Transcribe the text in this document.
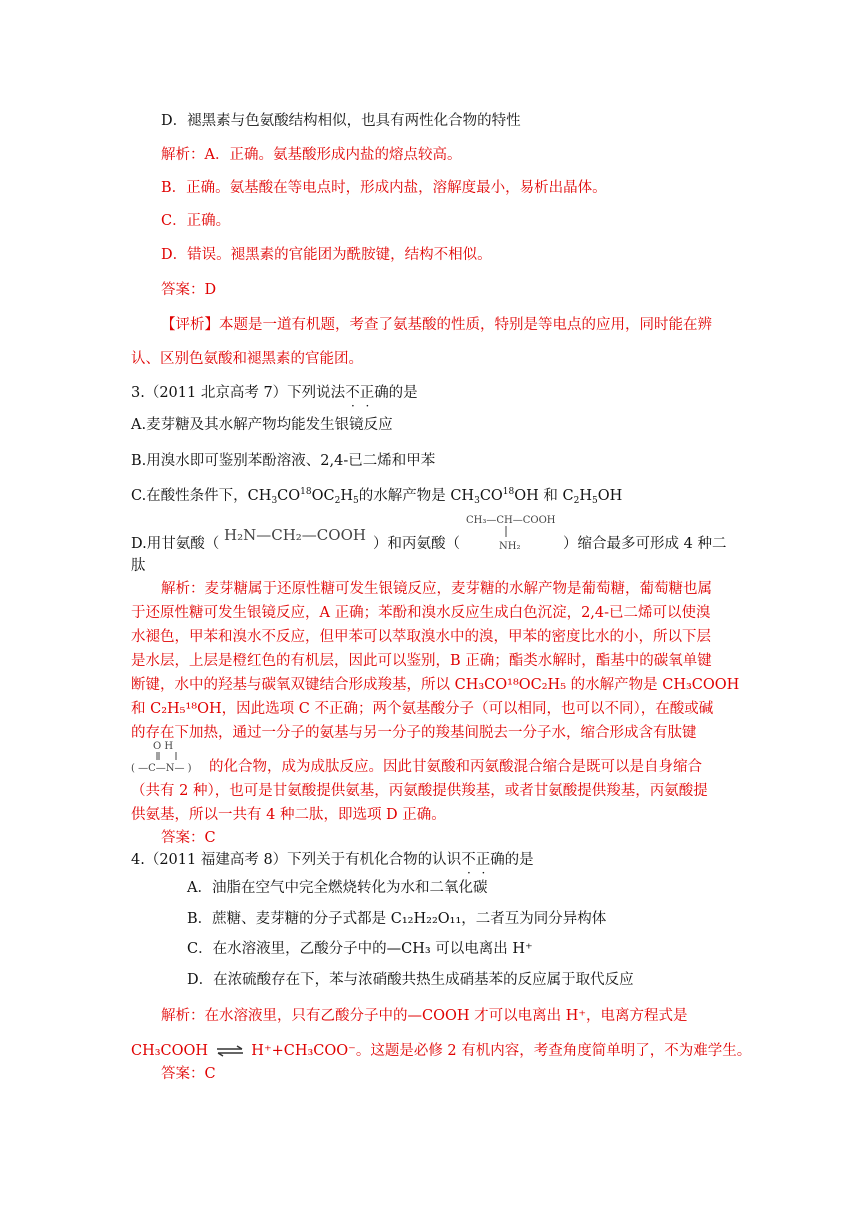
D．褪黑素与色氨酸结构相似，也具有两性化合物的特性
解析：A．正确。氨基酸形成内盐的熔点较高。
B．正确。氨基酸在等电点时，形成内盐，溶解度最小，易析出晶体。
C．正确。
D．错误。褪黑素的官能团为酰胺键，结构不相似。
答案：D
【评析】本题是一道有机题，考查了氨基酸的性质，特别是等电点的应用，同时能在辨
认、区别色氨酸和褪黑素的官能团。
3.（2011 北京高考 7）下列说法不正确的是
A.麦芽糖及其水解产物均能发生银镜反应
B.用溴水即可鉴别苯酚溶液、2,4-已二烯和甲苯
C.在酸性条件下，$CH_3CO^{18}OC_2H_5$的水解产物是 $CH_3CO^{18}OH$ 和 $C_2H_5OH$
D.用甘氨酸（ H₂N—CH₂—COOH ）和丙氨酸（
CH₃—CH—COOH
NH₂	）缩合最多可形成 4 种二
肽
解析：麦芽糖属于还原性糖可发生银镜反应，麦芽糖的水解产物是葡萄糖，葡萄糖也属
于还原性糖可发生银镜反应，A 正确；苯酚和溴水反应生成白色沉淀，2,4-已二烯可以使溴
水褪色，甲苯和溴水不反应，但甲苯可以萃取溴水中的溴，甲苯的密度比水的小，所以下层
是水层，上层是橙红色的有机层，因此可以鉴别，B 正确；酯类水解时，酯基中的碳氧单键
断键，水中的羟基与碳氧双键结合形成羧基，所以 CH₃CO¹⁸OC₂H₅ 的水解产物是 CH₃COOH
和 C₂H₅¹⁸OH，因此选项 C 不正确；两个氨基酸分子（可以相同，也可以不同），在酸或碱
的存在下加热，通过一分子的氨基与另一分子的羧基间脱去一分子水，缩合形成含有肽键
O H
( —C—N— ) 的化合物，成为成肽反应。因此甘氨酸和丙氨酸混合缩合是既可以是自身缩合
（共有 2 种），也可是甘氨酸提供氨基，丙氨酸提供羧基，或者甘氨酸提供羧基，丙氨酸提
供氨基，所以一共有 4 种二肽，即选项 D 正确。
答案：C
4.（2011 福建高考 8）下列关于有机化合物的认识不正确的是
A．油脂在空气中完全燃烧转化为水和二氧化碳
B．蔗糖、麦芽糖的分子式都是 C₁₂H₂₂O₁₁，二者互为同分异构体
C．在水溶液里，乙酸分子中的—CH₃ 可以电离出 H⁺
D．在浓硫酸存在下，苯与浓硝酸共热生成硝基苯的反应属于取代反应
解析：在水溶液里，只有乙酸分子中的—COOH 才可以电离出 H⁺，电离方程式是
CH₃COOH ⇌ H⁺+CH₃COO⁻。这题是必修 2 有机内容，考查角度简单明了，不为难学生。
答案：C
